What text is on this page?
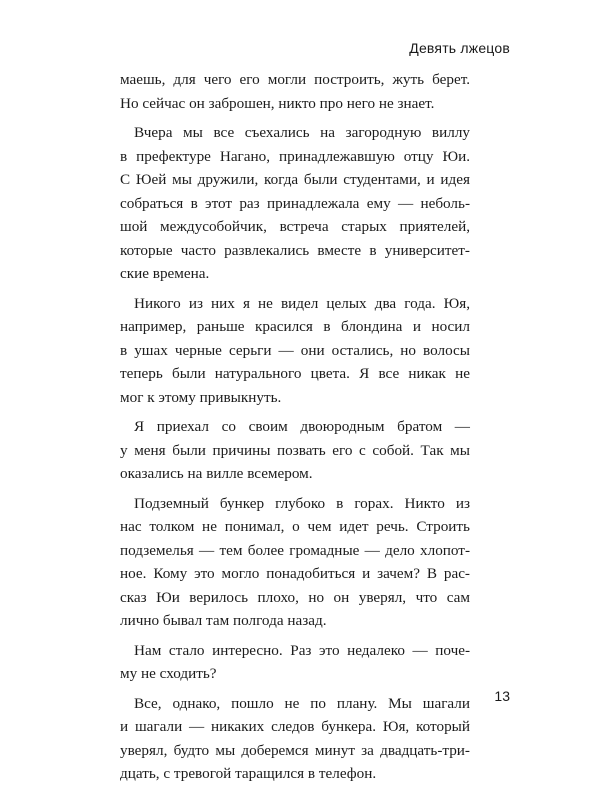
Девять лжецов

маешь, для чего его могли построить, жуть берет.
Но сейчас он заброшен, никто про него не знает.

Вчера мы все съехались на загородную виллу
в префектуре Нагано, принадлежавшую отцу Юи.
С Юей мы дружили, когда были студентами, и идея
собраться в этот раз принадлежала ему — неболь-
шой междусобойчик, встреча старых приятелей,
которые часто развлекались вместе в университет-
ские времена.

Никого из них я не видел целых два года. Юя,
например, раньше красился в блондина и носил
в ушах черные серьги — они остались, но волосы
теперь были натурального цвета. Я все никак не
мог к этому привыкнуть.

Я приехал со своим двоюродным братом —
у меня были причины позвать его с собой. Так мы
оказались на вилле всемером.

Подземный бункер глубоко в горах. Никто из
нас толком не понимал, о чем идет речь. Строить
подземелья — тем более громадные — дело хлопот-
ное. Кому это могло понадобиться и зачем? В рас-
сказ Юи верилось плохо, но он уверял, что сам
лично бывал там полгода назад.

Нам стало интересно. Раз это недалеко — поче-
му не сходить?

Все, однако, пошло не по плану. Мы шагали
и шагали — никаких следов бункера. Юя, который
уверял, будто мы доберемся минут за двадцать-три-
дцать, с тревогой таращился в телефон.

13
